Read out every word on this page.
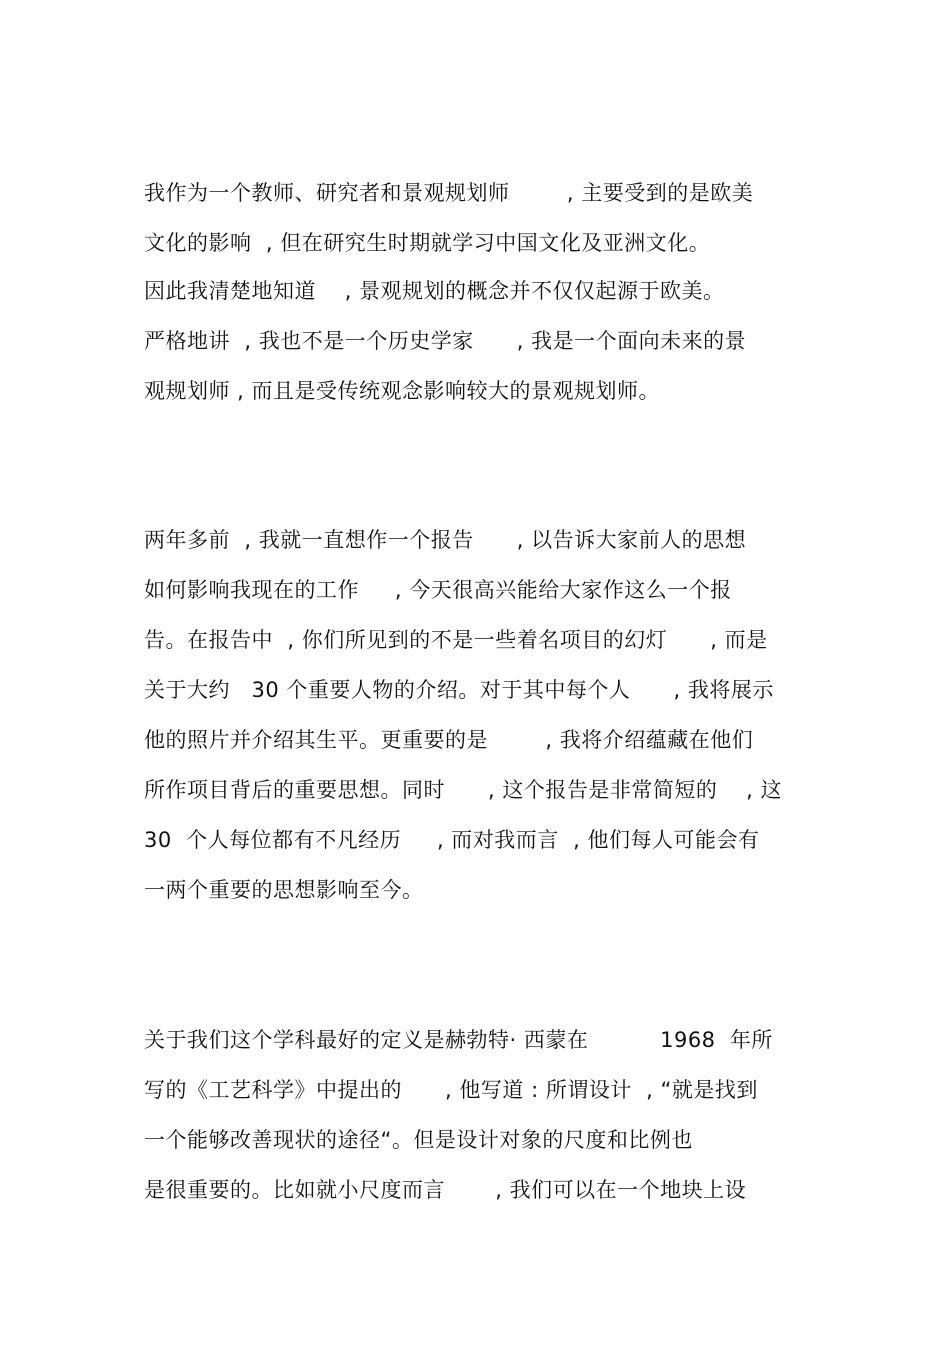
我作为一个教师、研究者和景观规划师        , 主要受到的是欧美
文化的影响  , 但在研究生时期就学习中国文化及亚洲文化。
因此我清楚地知道    , 景观规划的概念并不仅仅起源于欧美。
严格地讲  , 我也不是一个历史学家      , 我是一个面向未来的景
观规划师 , 而且是受传统观念影响较大的景观规划师。
两年多前  , 我就一直想作一个报告      , 以告诉大家前人的思想
如何影响我现在的工作     , 今天很高兴能给大家作这么一个报
告。在报告中  , 你们所见到的不是一些着名项目的幻灯      , 而是
关于大约   30 个重要人物的介绍。对于其中每个人      , 我将展示
他的照片并介绍其生平。更重要的是        , 我将介绍蕴藏在他们
所作项目背后的重要思想。同时      , 这个报告是非常简短的    , 这
30  个人每位都有不凡经历     , 而对我而言  , 他们每人可能会有
一两个重要的思想影响至今。
关于我们这个学科最好的定义是赫勃特· 西蒙在          1968  年所
写的《工艺科学》中提出的      , 他写道 : 所谓设计  , “就是找到
一个能够改善现状的途径“。但是设计对象的尺度和比例也
是很重要的。比如就小尺度而言       , 我们可以在一个地块上设
